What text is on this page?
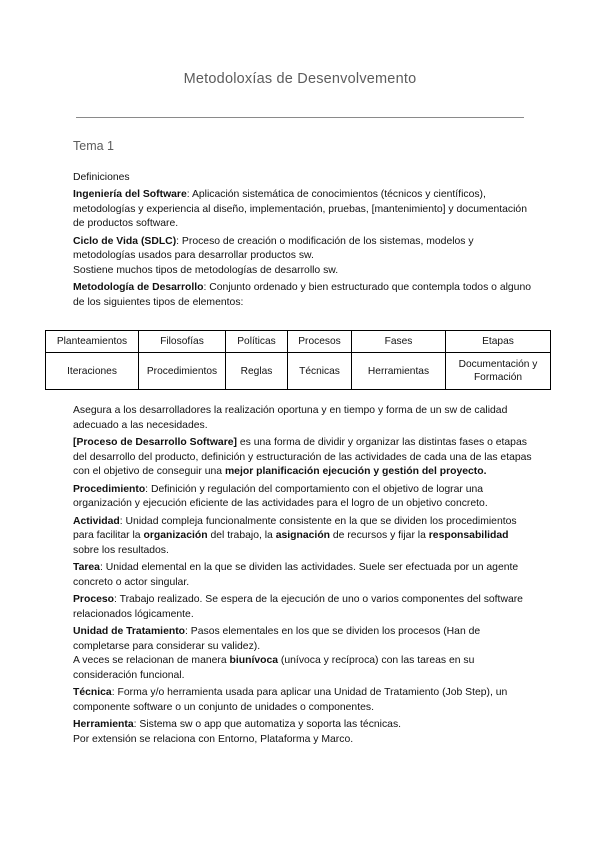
Metodoloxías de Desenvolvemento
Tema 1
Definiciones

Ingeniería del Software: Aplicación sistemática de conocimientos (técnicos y científicos), metodologías y experiencia al diseño, implementación, pruebas, [mantenimiento] y documentación de productos software.

Ciclo de Vida (SDLC): Proceso de creación o modificación de los sistemas, modelos y metodologías usados para desarrollar productos sw.
Sostiene muchos tipos de metodologías de desarrollo sw.

Metodología de Desarrollo: Conjunto ordenado y bien estructurado que contempla todos o alguno de los siguientes tipos de elementos:

Planteamientos	Filosofías	Políticas	Procesos	Fases	Etapas
Iteraciones	Procedimientos	Reglas	Técnicas	Herramientas	Documentación y Formación

Asegura a los desarrolladores la realización oportuna y en tiempo y forma de un sw de calidad adecuado a las necesidades.

[Proceso de Desarrollo Software] es una forma de dividir y organizar las distintas fases o etapas del desarrollo del producto, definición y estructuración de las actividades de cada una de las etapas con el objetivo de conseguir una mejor planificación ejecución y gestión del proyecto.

Procedimiento: Definición y regulación del comportamiento con el objetivo de lograr una organización y ejecución eficiente de las actividades para el logro de un objetivo concreto.

Actividad: Unidad compleja funcionalmente consistente en la que se dividen los procedimientos para facilitar la organización del trabajo, la asignación de recursos y fijar la responsabilidad sobre los resultados.

Tarea: Unidad elemental en la que se dividen las actividades. Suele ser efectuada por un agente concreto o actor singular.

Proceso: Trabajo realizado. Se espera de la ejecución de uno o varios componentes del software relacionados lógicamente.

Unidad de Tratamiento: Pasos elementales en los que se dividen los procesos (Han de completarse para considerar su validez).
A veces se relacionan de manera biunívoca (unívoca y recíproca) con las tareas en su consideración funcional.

Técnica: Forma y/o herramienta usada para aplicar una Unidad de Tratamiento (Job Step), un componente software o un conjunto de unidades o componentes.

Herramienta: Sistema sw o app que automatiza y soporta las técnicas.
Por extensión se relaciona con Entorno, Plataforma y Marco.
